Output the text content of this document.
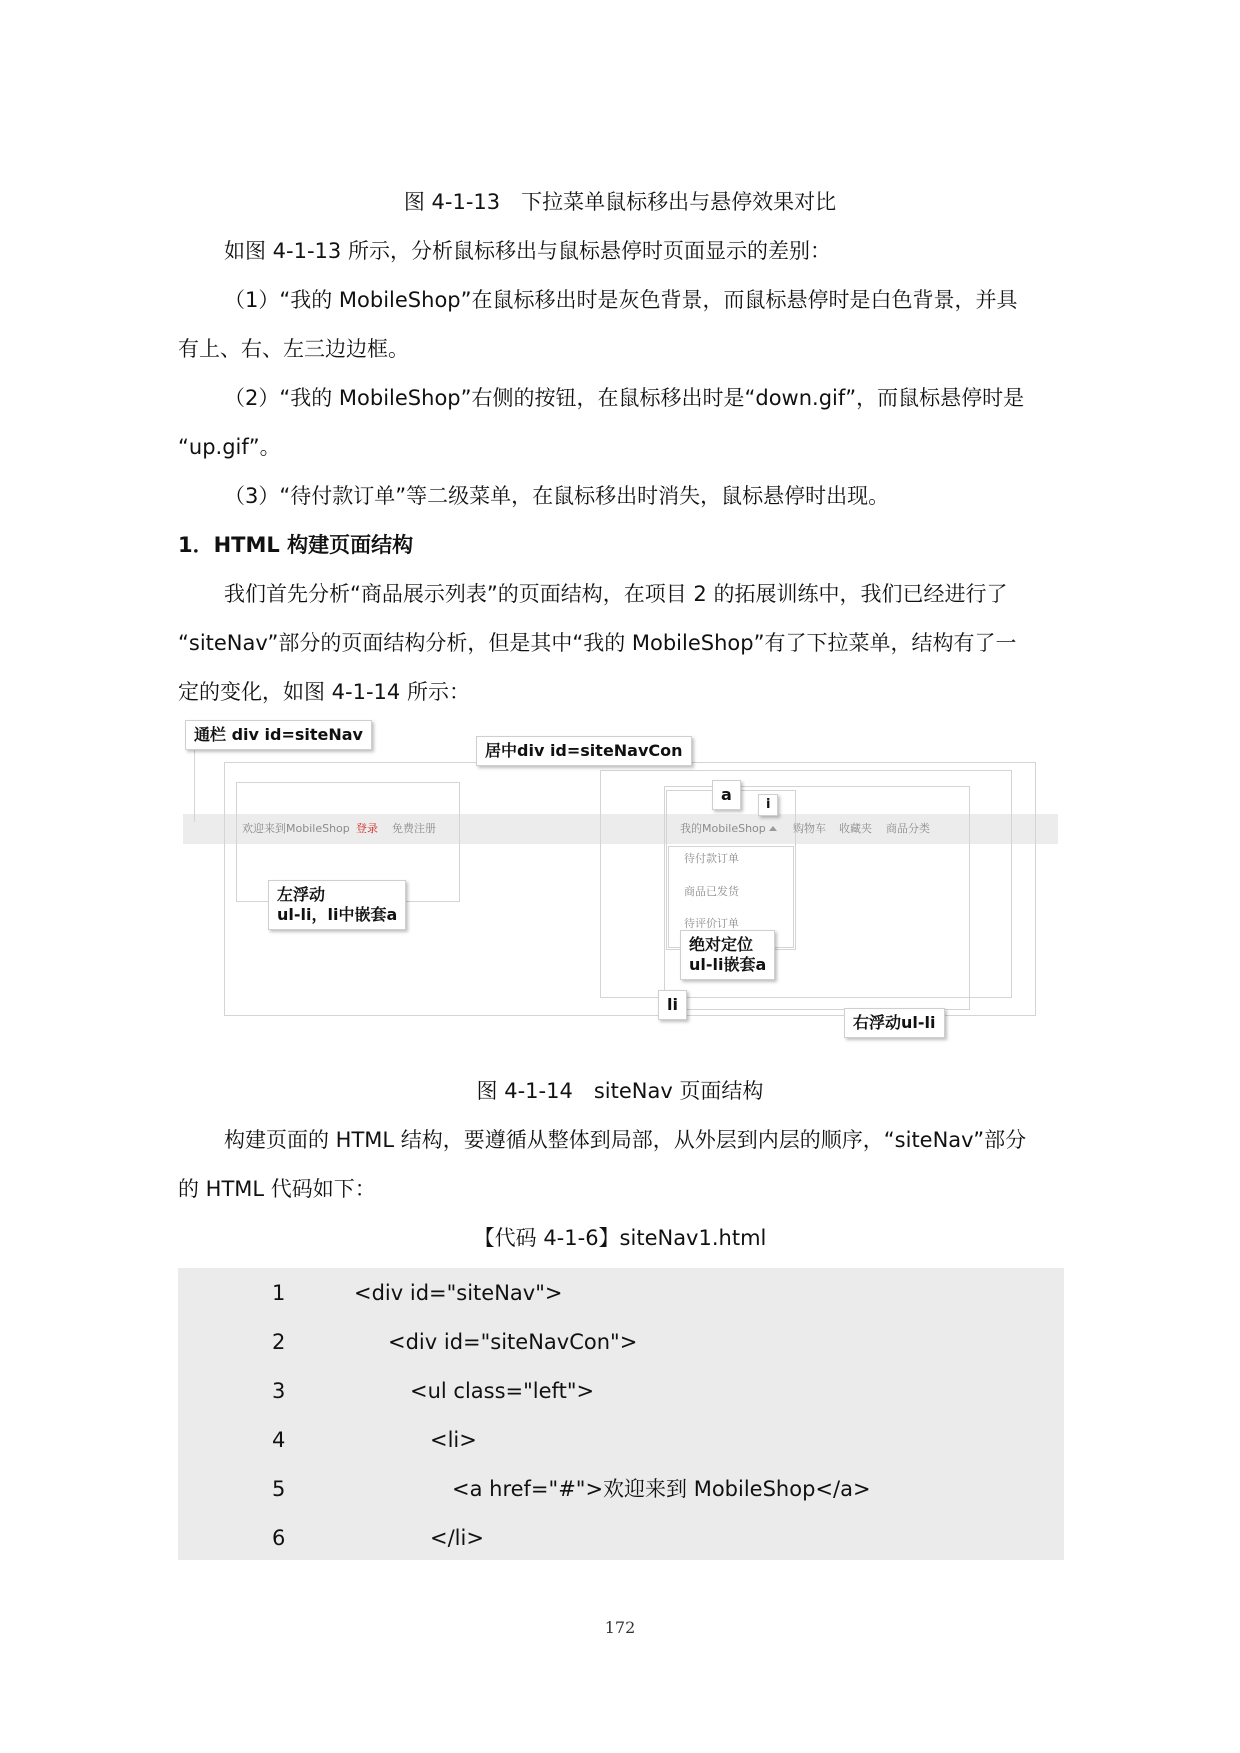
图 4-1-13　下拉菜单鼠标移出与悬停效果对比
如图 4-1-13 所示，分析鼠标移出与鼠标悬停时页面显示的差别：
（1）“我的 MobileShop”在鼠标移出时是灰色背景，而鼠标悬停时是白色背景，并具
有上、右、左三边边框。
（2）“我的 MobileShop”右侧的按钮，在鼠标移出时是“down.gif”，而鼠标悬停时是
“up.gif”。
（3）“待付款订单”等二级菜单，在鼠标移出时消失，鼠标悬停时出现。
1．HTML 构建页面结构
我们首先分析“商品展示列表”的页面结构，在项目 2 的拓展训练中，我们已经进行了
“siteNav”部分的页面结构分析，但是其中“我的 MobileShop”有了下拉菜单，结构有了一
定的变化，如图 4-1-14 所示：
欢迎来到MobileShop 登录 免费注册	我的MobileShop 购物车 收藏夹 商品分类
待付款订单
商品已发货
待评价订单
通栏 div id=siteNav
居中div id=siteNavCon
a
i
左浮动
ul-li，li中嵌套a
绝对定位
ul-li嵌套a
li
右浮动ul-li
图 4-1-14　siteNav 页面结构
构建页面的 HTML 结构，要遵循从整体到局部，从外层到内层的顺序，“siteNav”部分
的 HTML 代码如下：
【代码 4-1-6】siteNav1.html
1	<div id="siteNav">
2	<div id="siteNavCon">
3	<ul class="left">
4	<li>
5	<a href="#">欢迎来到 MobileShop</a>
6	</li>
172
